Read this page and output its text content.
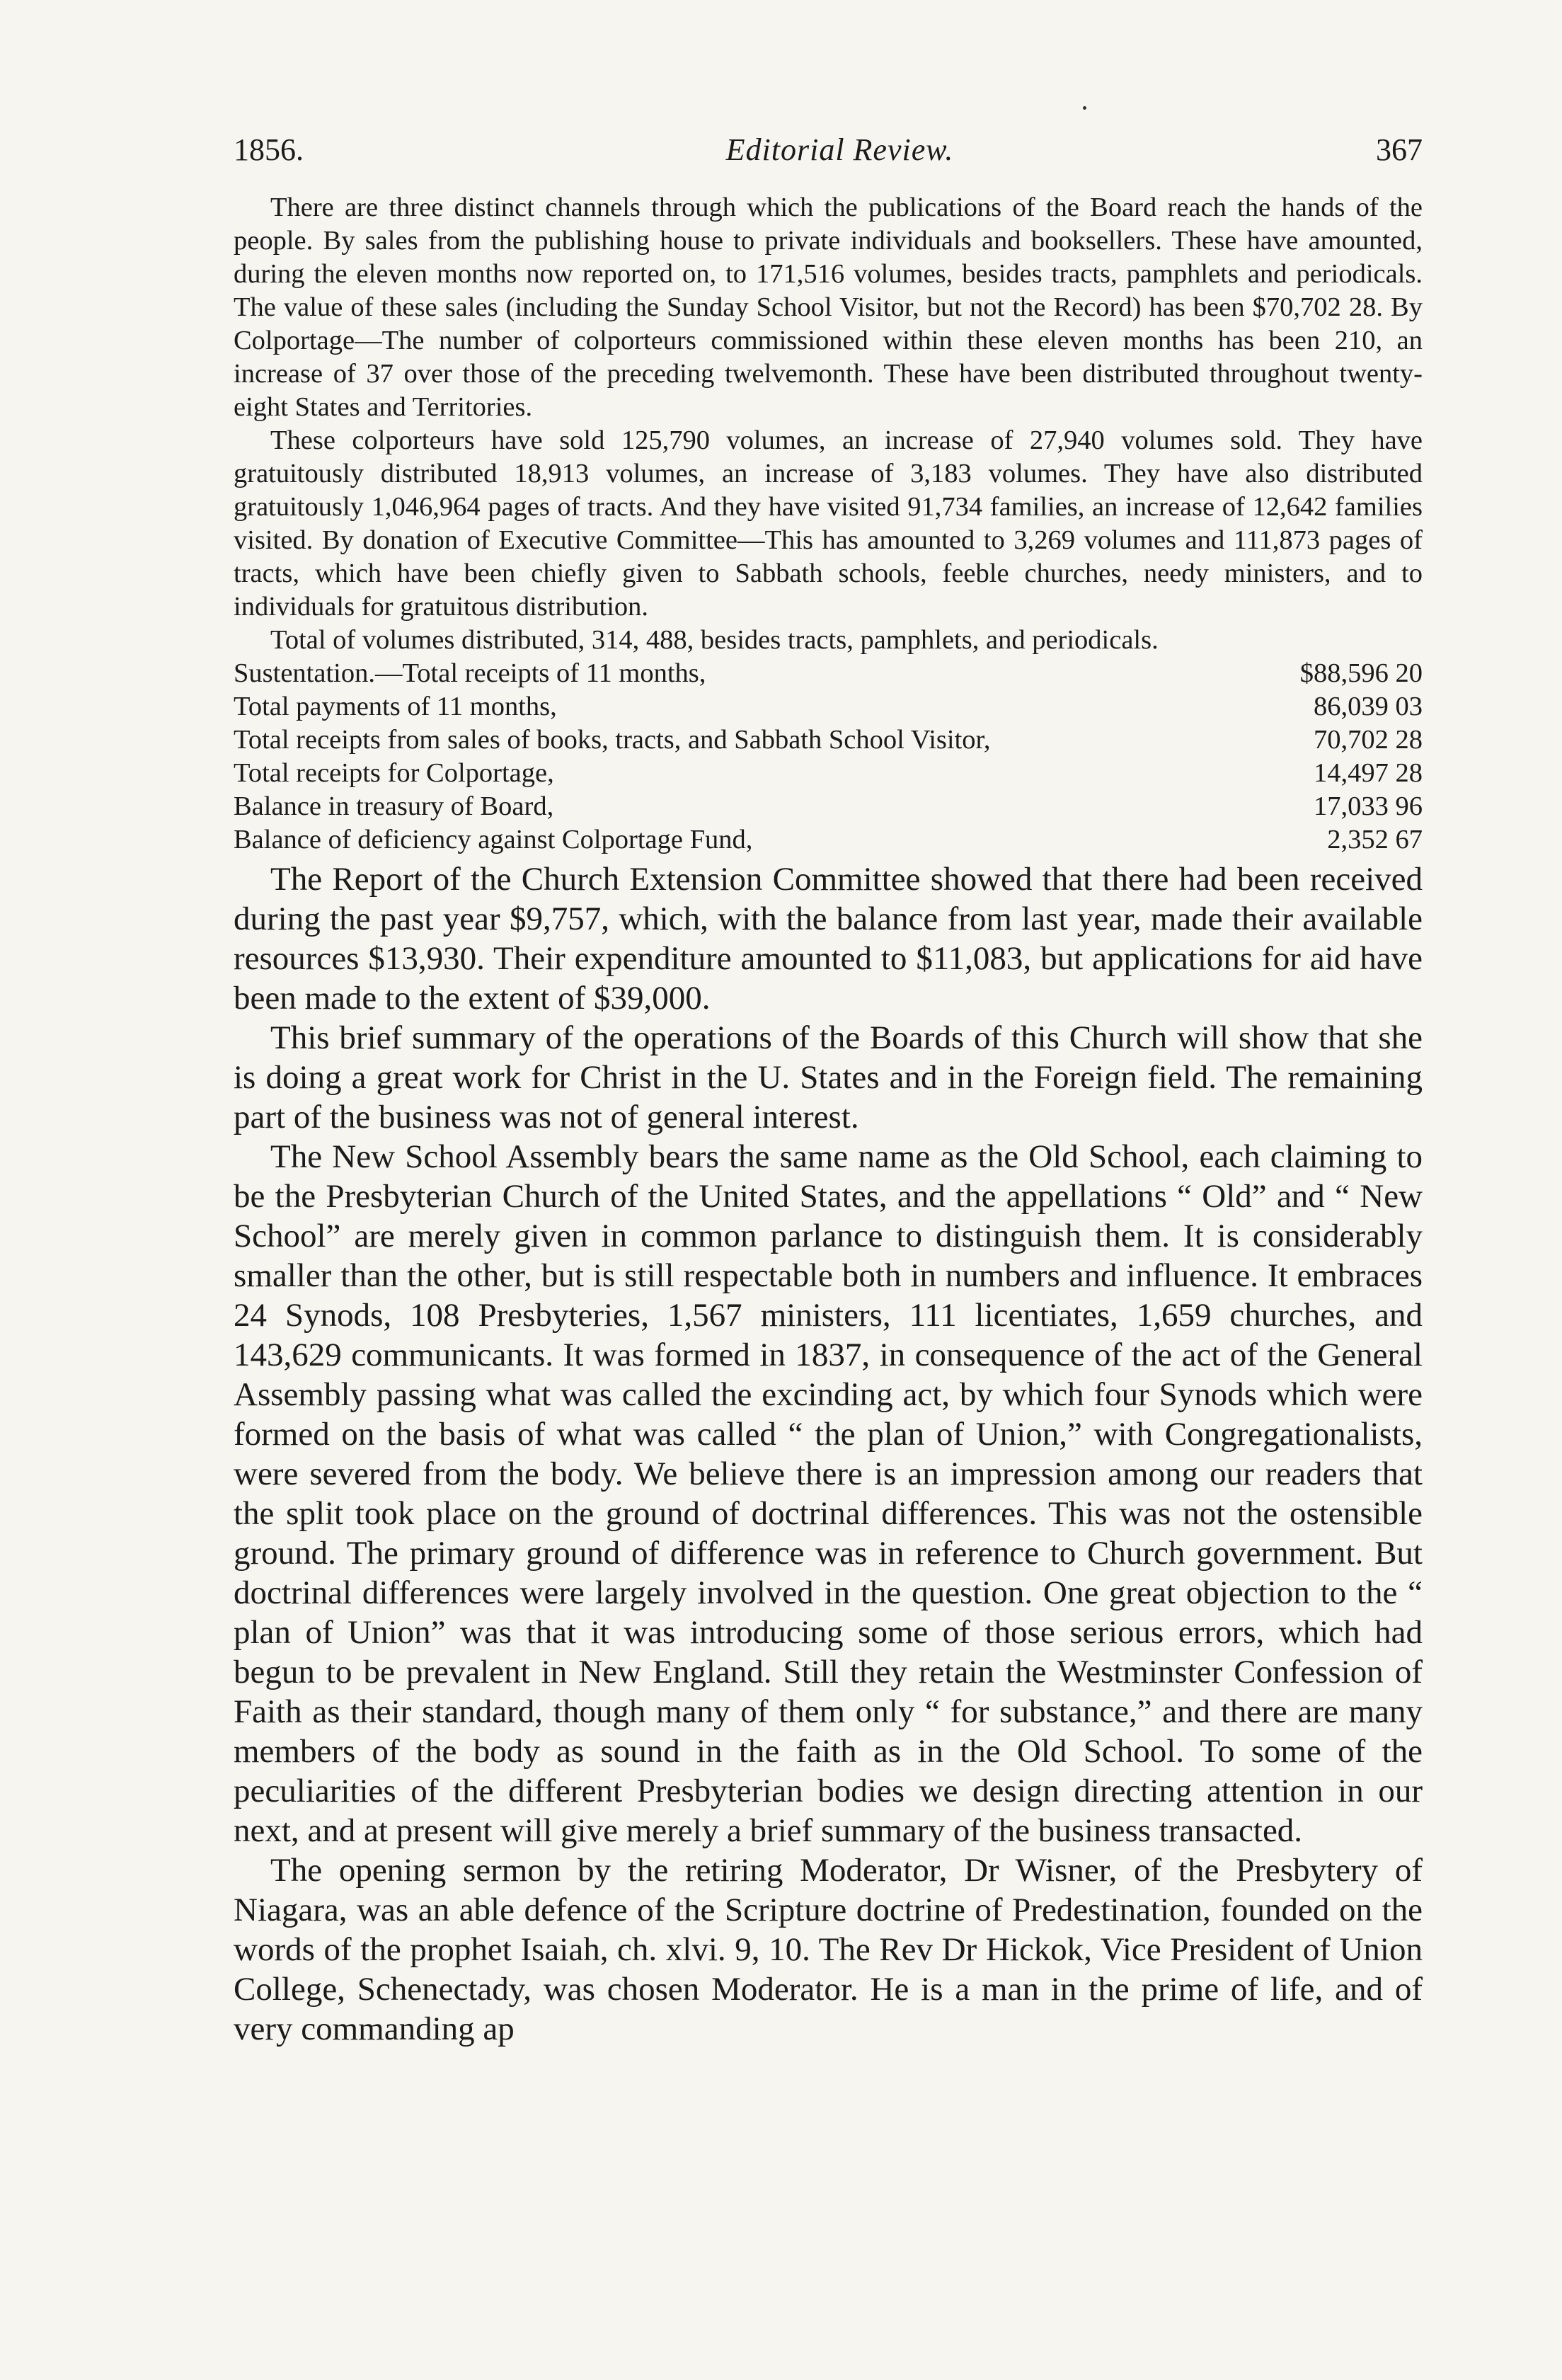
1856.	Editorial Review.	367

There are three distinct channels through which the publications of the Board reach the hands of the people. By sales from the publishing house to private individuals and booksellers. These have amounted, during the eleven months now reported on, to 171,516 volumes, besides tracts, pamphlets and periodicals. The value of these sales (including the Sunday School Visitor, but not the Record) has been $70,702 28. By Colportage—The number of colporteurs commissioned within these eleven months has been 210, an increase of 37 over those of the preceding twelvemonth. These have been distributed throughout twenty-eight States and Territories.

These colporteurs have sold 125,790 volumes, an increase of 27,940 volumes sold. They have gratuitously distributed 18,913 volumes, an increase of 3,183 volumes. They have also distributed gratuitously 1,046,964 pages of tracts. And they have visited 91,734 families, an increase of 12,642 families visited. By donation of Executive Committee—This has amounted to 3,269 volumes and 111,873 pages of tracts, which have been chiefly given to Sabbath schools, feeble churches, needy ministers, and to individuals for gratuitous distribution.

Total of volumes distributed, 314, 488, besides tracts, pamphlets, and periodicals.

Sustentation.—Total receipts of 11 months,	$88,596 20
Total payments of 11 months,	86,039 03
Total receipts from sales of books, tracts, and Sabbath School Visitor,	70,702 28
Total receipts for Colportage,	14,497 28
Balance in treasury of Board,	17,033 96
Balance of deficiency against Colportage Fund,	2,352 67

The Report of the Church Extension Committee showed that there had been received during the past year $9,757, which, with the balance from last year, made their available resources $13,930. Their expenditure amounted to $11,083, but applications for aid have been made to the extent of $39,000.

This brief summary of the operations of the Boards of this Church will show that she is doing a great work for Christ in the U. States and in the Foreign field. The remaining part of the business was not of general interest.

The New School Assembly bears the same name as the Old School, each claiming to be the Presbyterian Church of the United States, and the appellations “ Old” and “ New School” are merely given in common parlance to distinguish them. It is considerably smaller than the other, but is still respectable both in numbers and influence. It embraces 24 Synods, 108 Presbyteries, 1,567 ministers, 111 licentiates, 1,659 churches, and 143,629 communicants. It was formed in 1837, in consequence of the act of the General Assembly passing what was called the excinding act, by which four Synods which were formed on the basis of what was called “ the plan of Union,” with Congregationalists, were severed from the body. We believe there is an impression among our readers that the split took place on the ground of doctrinal differences. This was not the ostensible ground. The primary ground of difference was in reference to Church government. But doctrinal differences were largely involved in the question. One great objection to the “ plan of Union” was that it was introducing some of those serious errors, which had begun to be prevalent in New England. Still they retain the Westminster Confession of Faith as their standard, though many of them only “ for substance,” and there are many members of the body as sound in the faith as in the Old School. To some of the peculiarities of the different Presbyterian bodies we design directing attention in our next, and at present will give merely a brief summary of the business transacted.

The opening sermon by the retiring Moderator, Dr Wisner, of the Presbytery of Niagara, was an able defence of the Scripture doctrine of Predestination, founded on the words of the prophet Isaiah, ch. xlvi. 9, 10. The Rev Dr Hickok, Vice President of Union College, Schenectady, was chosen Moderator. He is a man in the prime of life, and of very commanding ap
